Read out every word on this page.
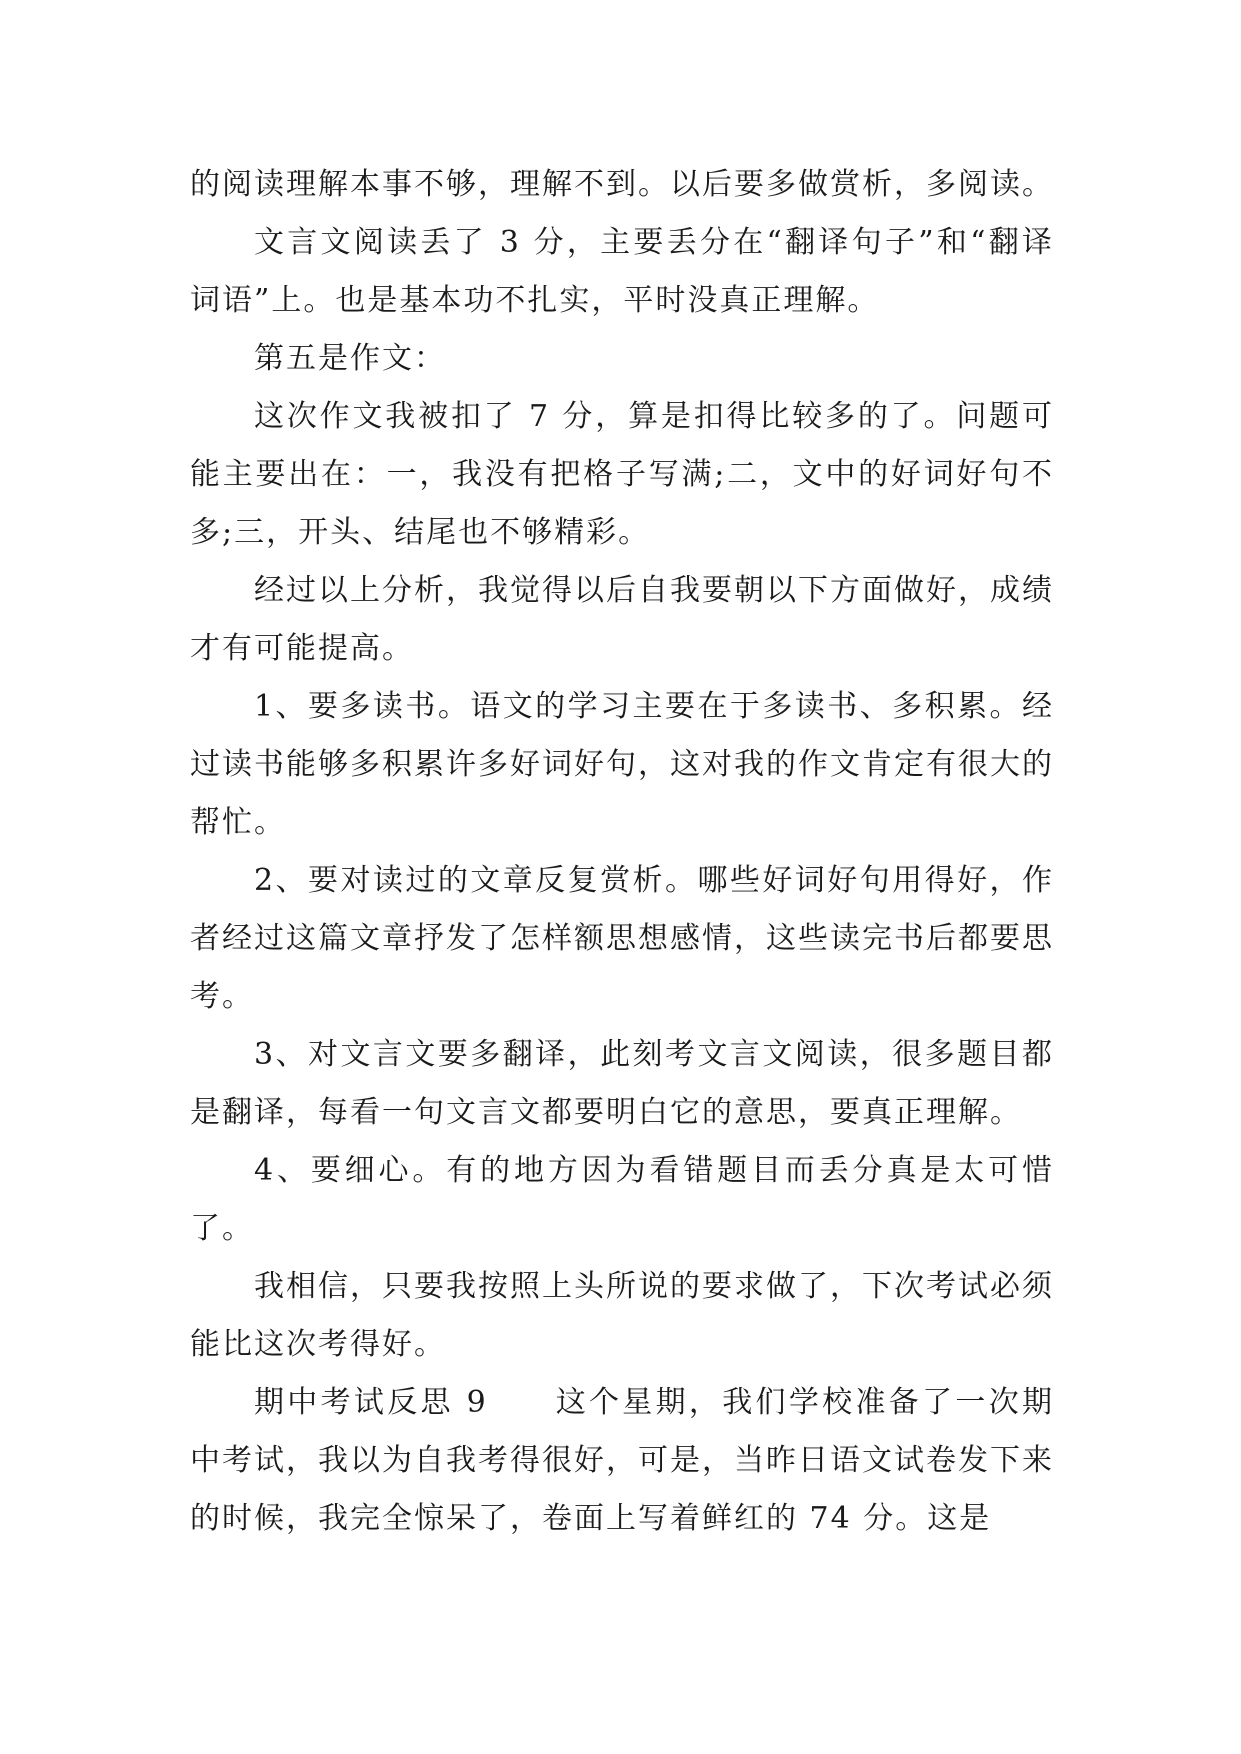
的阅读理解本事不够，理解不到。以后要多做赏析，多阅读。

文言文阅读丢了 3 分，主要丢分在“翻译句子”和“翻译词语”上。也是基本功不扎实，平时没真正理解。

第五是作文：

这次作文我被扣了 7 分，算是扣得比较多的了。问题可能主要出在：一，我没有把格子写满;二，文中的好词好句不多;三，开头、结尾也不够精彩。

经过以上分析，我觉得以后自我要朝以下方面做好，成绩才有可能提高。

1、要多读书。语文的学习主要在于多读书、多积累。经过读书能够多积累许多好词好句，这对我的作文肯定有很大的帮忙。

2、要对读过的文章反复赏析。哪些好词好句用得好，作者经过这篇文章抒发了怎样额思想感情，这些读完书后都要思考。

3、对文言文要多翻译，此刻考文言文阅读，很多题目都是翻译，每看一句文言文都要明白它的意思，要真正理解。

4、要细心。有的地方因为看错题目而丢分真是太可惜了。

我相信，只要我按照上头所说的要求做了，下次考试必须能比这次考得好。

期中考试反思 9　　这个星期，我们学校准备了一次期中考试，我以为自我考得很好，可是，当昨日语文试卷发下来的时候，我完全惊呆了，卷面上写着鲜红的 74 分。这是
